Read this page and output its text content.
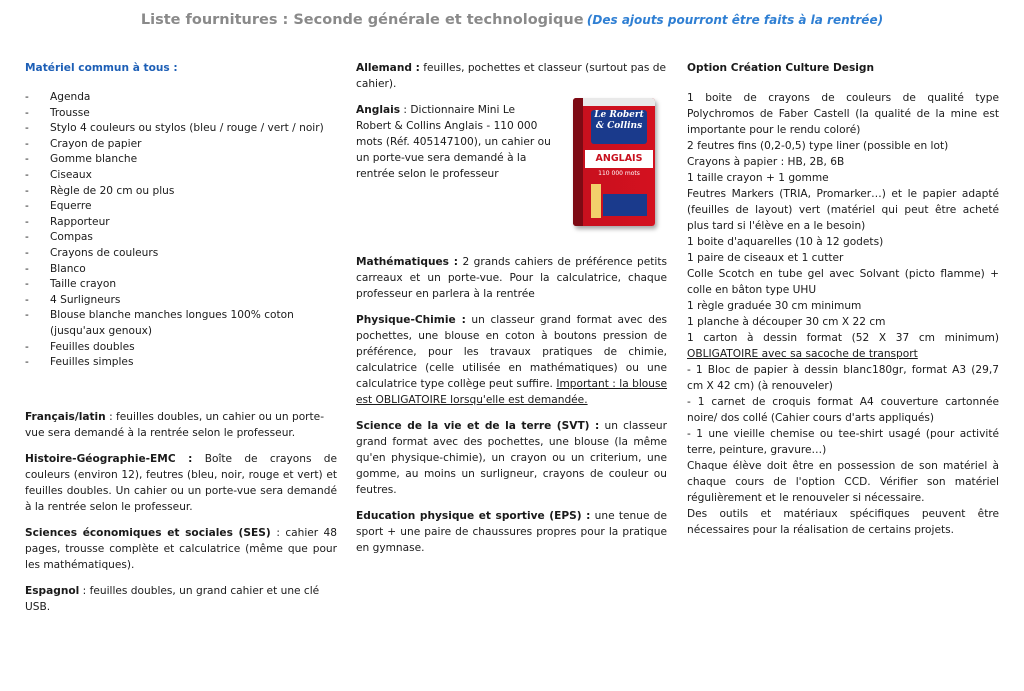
Liste fournitures : Seconde générale et technologique (Des ajouts pourront être faits à la rentrée)
Matériel commun à tous :
- Agenda
- Trousse
- Stylo 4 couleurs ou stylos (bleu / rouge / vert / noir)
- Crayon de papier
- Gomme blanche
- Ciseaux
- Règle de 20 cm ou plus
- Equerre
- Rapporteur
- Compas
- Crayons de couleurs
- Blanco
- Taille crayon
- 4 Surligneurs
- Blouse blanche manches longues 100% coton (jusqu'aux genoux)
- Feuilles doubles
- Feuilles simples

Français/latin : feuilles doubles, un cahier ou un porte-vue sera demandé à la rentrée selon le professeur.

Histoire-Géographie-EMC : Boîte de crayons de couleurs (environ 12), feutres (bleu, noir, rouge et vert) et feuilles doubles. Un cahier ou un porte-vue sera demandé à la rentrée selon le professeur.

Sciences économiques et sociales (SES) : cahier 48 pages, trousse complète et calculatrice (même que pour les mathématiques).

Espagnol : feuilles doubles, un grand cahier et une clé USB.

Allemand : feuilles, pochettes et classeur (surtout pas de cahier).

Anglais : Dictionnaire Mini Le Robert & Collins Anglais - 110 000 mots (Réf. 405147100), un cahier ou un porte-vue sera demandé à la rentrée selon le professeur
Le Robert
& Collins
ANGLAIS
110 000 mots

Mathématiques : 2 grands cahiers de préférence petits carreaux et un porte-vue. Pour la calculatrice, chaque professeur en parlera à la rentrée

Physique-Chimie : un classeur grand format avec des pochettes, une blouse en coton à boutons pression de préférence, pour les travaux pratiques de chimie, calculatrice (celle utilisée en mathématiques) ou une calculatrice type collège peut suffire. Important : la blouse est OBLIGATOIRE lorsqu'elle est demandée.

Science de la vie et de la terre (SVT) : un classeur grand format avec des pochettes, une blouse (la même qu'en physique-chimie), un crayon ou un criterium, une gomme, au moins un surligneur, crayons de couleur ou feutres.

Education physique et sportive (EPS) : une tenue de sport + une paire de chaussures propres pour la pratique en gymnase.

Option Création Culture Design
1 boite de crayons de couleurs de qualité type Polychromos de Faber Castell (la qualité de la mine est importante pour le rendu coloré)
2 feutres fins (0,2-0,5) type liner (possible en lot)
Crayons à papier : HB, 2B, 6B
1 taille crayon + 1 gomme
Feutres Markers (TRIA, Promarker…) et le papier adapté (feuilles de layout) vert (matériel qui peut être acheté plus tard si l'élève en a le besoin)
1 boite d'aquarelles (10 à 12 godets)
1 paire de ciseaux et 1 cutter
Colle Scotch en tube gel avec Solvant (picto flamme) + colle en bâton type UHU
1 règle graduée 30 cm minimum
1 planche à découper 30 cm X 22 cm
1 carton à dessin format (52 X 37 cm minimum) OBLIGATOIRE avec sa sacoche de transport
- 1 Bloc de papier à dessin blanc180gr, format A3 (29,7 cm X 42 cm) (à renouveler)
- 1 carnet de croquis format A4 couverture cartonnée noire/ dos collé (Cahier cours d'arts appliqués)
- 1 une vieille chemise ou tee-shirt usagé (pour activité terre, peinture, gravure…)
Chaque élève doit être en possession de son matériel à chaque cours de l'option CCD. Vérifier son matériel régulièrement et le renouveler si nécessaire.
Des outils et matériaux spécifiques peuvent être nécessaires pour la réalisation de certains projets.
